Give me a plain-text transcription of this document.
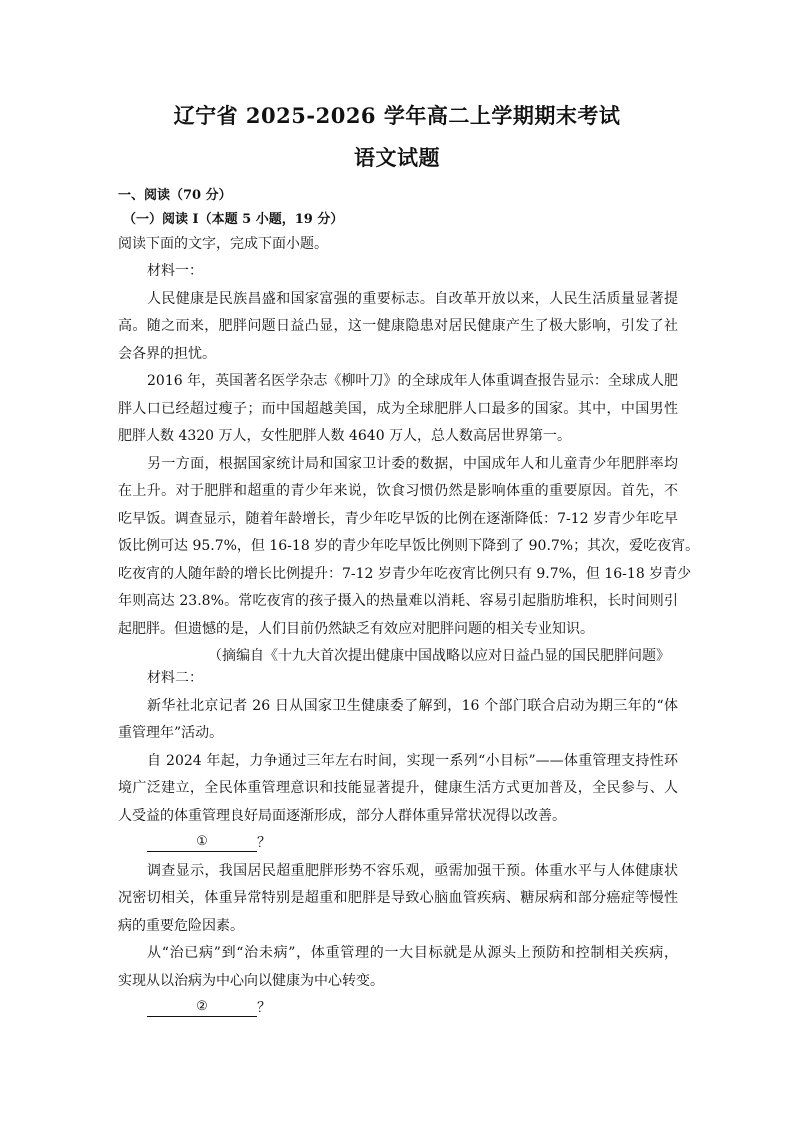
辽宁省 2025-2026 学年高二上学期期末考试
语文试题
一、阅读（70 分）
（一）阅读 I（本题 5 小题，19 分）
阅读下面的文字，完成下面小题。
材料一：
人民健康是民族昌盛和国家富强的重要标志。自改革开放以来，人民生活质量显著提
高。随之而来，肥胖问题日益凸显，这一健康隐患对居民健康产生了极大影响，引发了社
会各界的担忧。
2016 年，英国著名医学杂志《柳叶刀》的全球成年人体重调查报告显示：全球成人肥
胖人口已经超过瘦子；而中国超越美国，成为全球肥胖人口最多的国家。其中，中国男性
肥胖人数 4320 万人，女性肥胖人数 4640 万人，总人数高居世界第一。
另一方面，根据国家统计局和国家卫计委的数据，中国成年人和儿童青少年肥胖率均
在上升。对于肥胖和超重的青少年来说，饮食习惯仍然是影响体重的重要原因。首先，不
吃早饭。调查显示，随着年龄增长，青少年吃早饭的比例在逐渐降低：7-12 岁青少年吃早
饭比例可达 95.7%，但 16-18 岁的青少年吃早饭比例则下降到了 90.7%；其次，爱吃夜宵。
吃夜宵的人随年龄的增长比例提升：7-12 岁青少年吃夜宵比例只有 9.7%，但 16-18 岁青少
年则高达 23.8%。常吃夜宵的孩子摄入的热量难以消耗、容易引起脂肪堆积，长时间则引
起肥胖。但遗憾的是，人们目前仍然缺乏有效应对肥胖问题的相关专业知识。
（摘编自《十九大首次提出健康中国战略以应对日益凸显的国民肥胖问题》
材料二：
新华社北京记者 26 日从国家卫生健康委了解到，16 个部门联合启动为期三年的“体
重管理年”活动。
自 2024 年起，力争通过三年左右时间，实现一系列“小目标”——体重管理支持性环
境广泛建立，全民体重管理意识和技能显著提升，健康生活方式更加普及，全民参与、人
人受益的体重管理良好局面逐渐形成，部分人群体重异常状况得以改善。
①	？
调查显示，我国居民超重肥胖形势不容乐观，亟需加强干预。体重水平与人体健康状
况密切相关，体重异常特别是超重和肥胖是导致心脑血管疾病、糖尿病和部分癌症等慢性
病的重要危险因素。
从“治已病”到“治未病”，体重管理的一大目标就是从源头上预防和控制相关疾病，
实现从以治病为中心向以健康为中心转变。
②	？
